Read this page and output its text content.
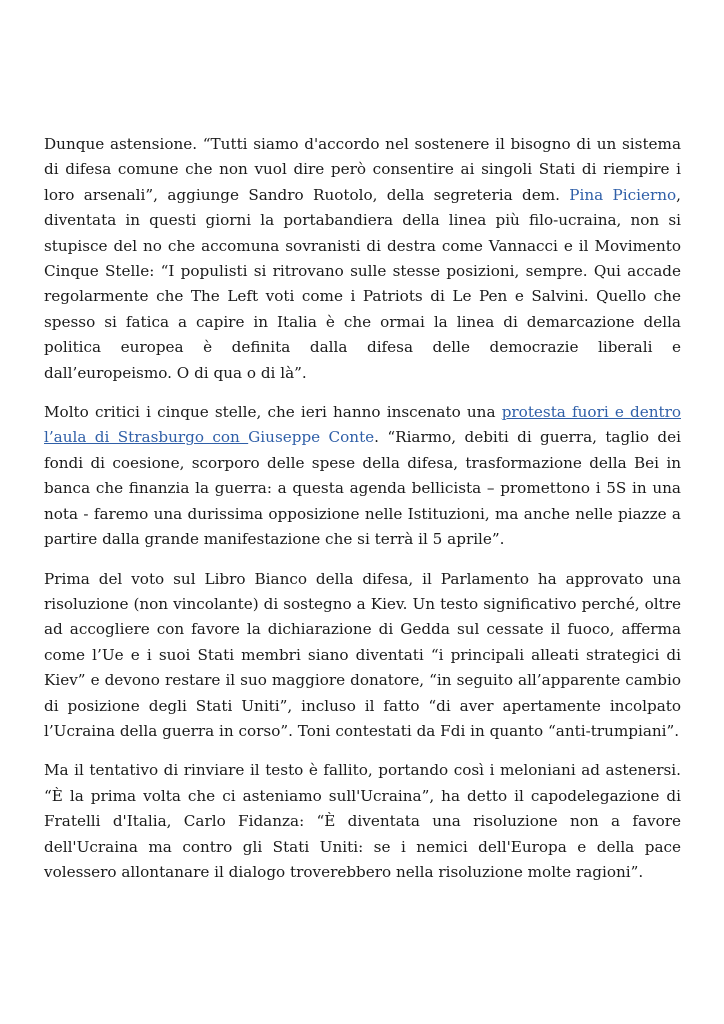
Dunque astensione. “Tutti siamo d'accordo nel sostenere il bisogno di un sistema di difesa comune che non vuol dire però consentire ai singoli Stati di riempire i loro arsenali”, aggiunge Sandro Ruotolo, della segreteria dem. Pina Picierno, diventata in questi giorni la portabandiera della linea più filo-ucraina, non si stupisce del no che accomuna sovranisti di destra come Vannacci e il Movimento Cinque Stelle: “I populisti si ritrovano sulle stesse posizioni, sempre. Qui accade regolarmente che The Left voti come i Patriots di Le Pen e Salvini. Quello che spesso si fatica a capire in Italia è che ormai la linea di demarcazione della politica europea è definita dalla difesa delle democrazie liberali e dall’europeismo. O di qua o di là”.

Molto critici i cinque stelle, che ieri hanno inscenato una protesta fuori e dentro l’aula di Strasburgo con Giuseppe Conte. “Riarmo, debiti di guerra, taglio dei fondi di coesione, scorporo delle spese della difesa, trasformazione della Bei in banca che finanzia la guerra: a questa agenda bellicista – promettono i 5S in una nota - faremo una durissima opposizione nelle Istituzioni, ma anche nelle piazze a partire dalla grande manifestazione che si terrà il 5 aprile”.

Prima del voto sul Libro Bianco della difesa, il Parlamento ha approvato una risoluzione (non vincolante) di sostegno a Kiev. Un testo significativo perché, oltre ad accogliere con favore la dichiarazione di Gedda sul cessate il fuoco, afferma come l’Ue e i suoi Stati membri siano diventati “i principali alleati strategici di Kiev” e devono restare il suo maggiore donatore, “in seguito all’apparente cambio di posizione degli Stati Uniti”, incluso il fatto “di aver apertamente incolpato l’Ucraina della guerra in corso”. Toni contestati da Fdi in quanto “anti-trumpiani”.

Ma il tentativo di rinviare il testo è fallito, portando così i meloniani ad astenersi. “È la prima volta che ci asteniamo sull'Ucraina”, ha detto il capodelegazione di Fratelli d'Italia, Carlo Fidanza: “È diventata una risoluzione non a favore dell'Ucraina ma contro gli Stati Uniti: se i nemici dell'Europa e della pace volessero allontanare il dialogo troverebbero nella risoluzione molte ragioni”.
